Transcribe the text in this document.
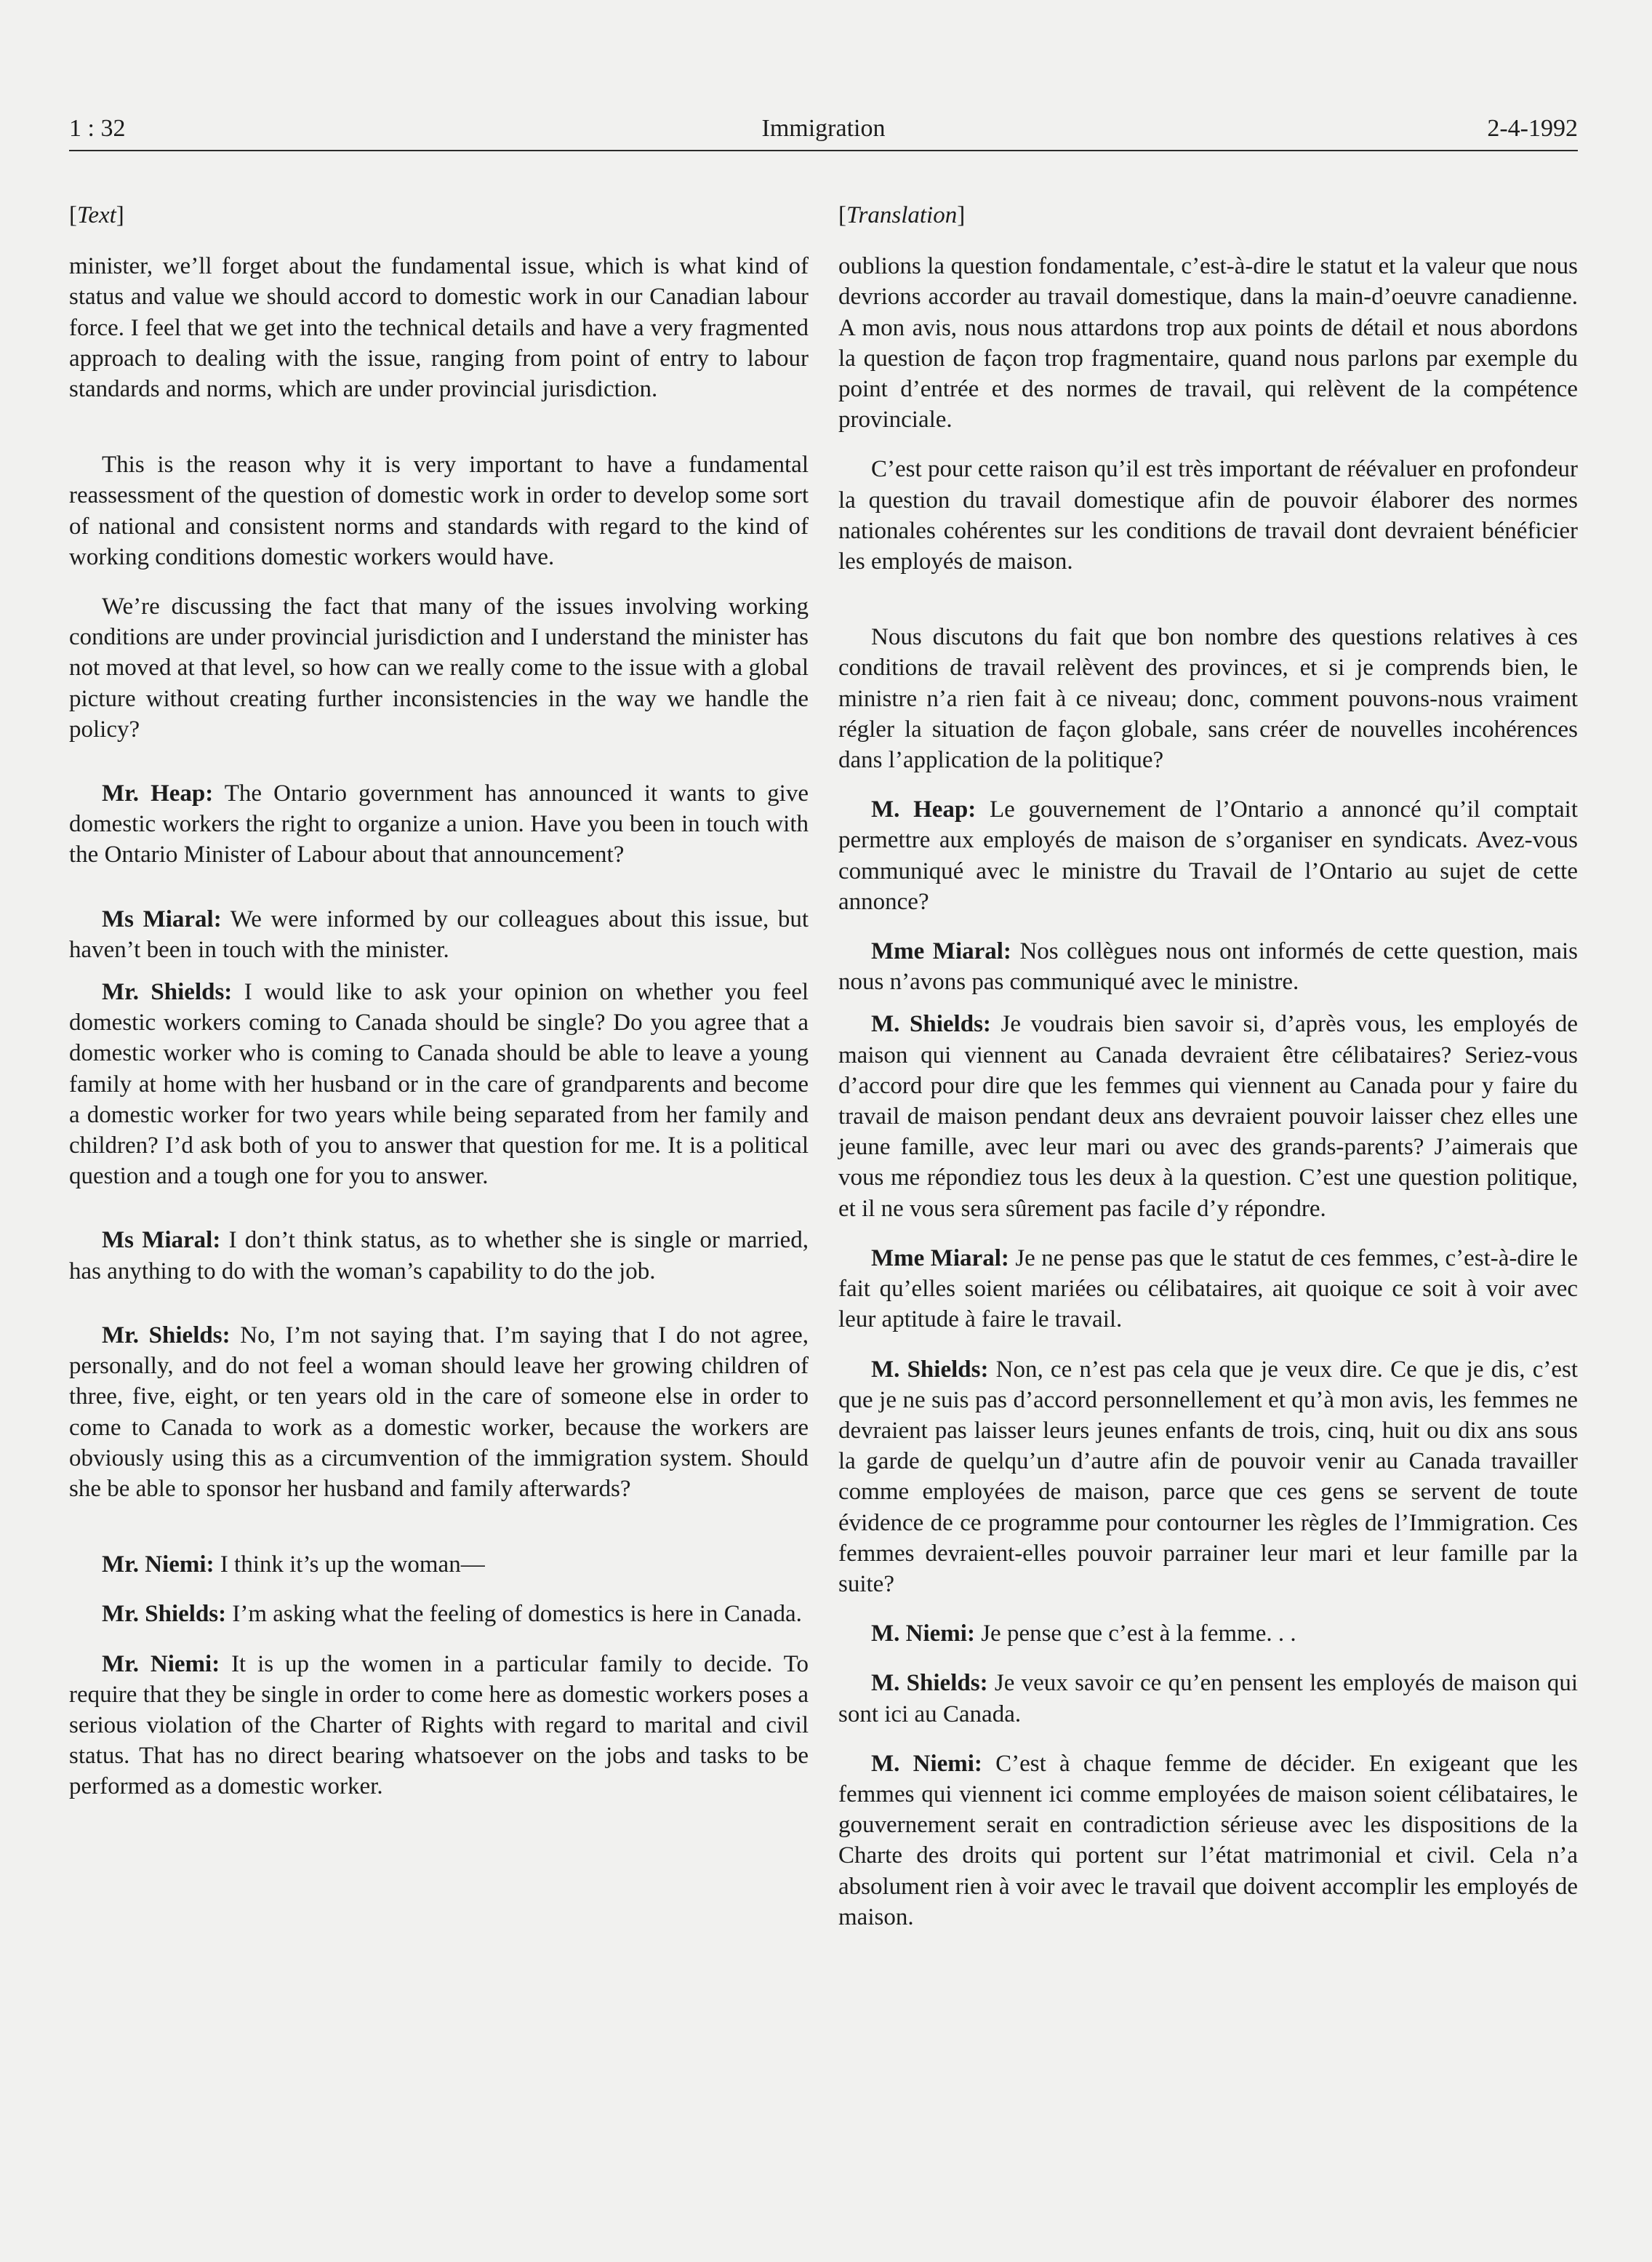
1 : 32	Immigration	2-4-1992
[Text]

minister, we’ll forget about the fundamental issue, which is what kind of status and value we should accord to domestic work in our Canadian labour force. I feel that we get into the technical details and have a very fragmented approach to dealing with the issue, ranging from point of entry to labour standards and norms, which are under provincial jurisdiction.

This is the reason why it is very important to have a fundamental reassessment of the question of domestic work in order to develop some sort of national and consistent norms and standards with regard to the kind of working conditions domestic workers would have.

We’re discussing the fact that many of the issues involving working conditions are under provincial jurisdiction and I understand the minister has not moved at that level, so how can we really come to the issue with a global picture without creating further inconsistencies in the way we handle the policy?

Mr. Heap: The Ontario government has announced it wants to give domestic workers the right to organize a union. Have you been in touch with the Ontario Minister of Labour about that announcement?

Ms Miaral: We were informed by our colleagues about this issue, but haven’t been in touch with the minister.

Mr. Shields: I would like to ask your opinion on whether you feel domestic workers coming to Canada should be single? Do you agree that a domestic worker who is coming to Canada should be able to leave a young family at home with her husband or in the care of grandparents and become a domestic worker for two years while being separated from her family and children? I’d ask both of you to answer that question for me. It is a political question and a tough one for you to answer.

Ms Miaral: I don’t think status, as to whether she is single or married, has anything to do with the woman’s capability to do the job.

Mr. Shields: No, I’m not saying that. I’m saying that I do not agree, personally, and do not feel a woman should leave her growing children of three, five, eight, or ten years old in the care of someone else in order to come to Canada to work as a domestic worker, because the workers are obviously using this as a circumvention of the immigration system. Should she be able to sponsor her husband and family afterwards?

Mr. Niemi: I think it’s up the woman—

Mr. Shields: I’m asking what the feeling of domestics is here in Canada.

Mr. Niemi: It is up the women in a particular family to decide. To require that they be single in order to come here as domestic workers poses a serious violation of the Charter of Rights with regard to marital and civil status. That has no direct bearing whatsoever on the jobs and tasks to be performed as a domestic worker.

[Translation]

oublions la question fondamentale, c’est-à-dire le statut et la valeur que nous devrions accorder au travail domestique, dans la main-d’oeuvre canadienne. A mon avis, nous nous attardons trop aux points de détail et nous abordons la question de façon trop fragmentaire, quand nous parlons par exemple du point d’entrée et des normes de travail, qui relèvent de la compétence provinciale.

C’est pour cette raison qu’il est très important de réévaluer en profondeur la question du travail domestique afin de pouvoir élaborer des normes nationales cohérentes sur les conditions de travail dont devraient bénéficier les employés de maison.

Nous discutons du fait que bon nombre des questions relatives à ces conditions de travail relèvent des provinces, et si je comprends bien, le ministre n’a rien fait à ce niveau; donc, comment pouvons-nous vraiment régler la situation de façon globale, sans créer de nouvelles incohérences dans l’application de la politique?

M. Heap: Le gouvernement de l’Ontario a annoncé qu’il comptait permettre aux employés de maison de s’organiser en syndicats. Avez-vous communiqué avec le ministre du Travail de l’Ontario au sujet de cette annonce?

Mme Miaral: Nos collègues nous ont informés de cette question, mais nous n’avons pas communiqué avec le ministre.

M. Shields: Je voudrais bien savoir si, d’après vous, les employés de maison qui viennent au Canada devraient être célibataires? Seriez-vous d’accord pour dire que les femmes qui viennent au Canada pour y faire du travail de maison pendant deux ans devraient pouvoir laisser chez elles une jeune famille, avec leur mari ou avec des grands-parents? J’aimerais que vous me répondiez tous les deux à la question. C’est une question politique, et il ne vous sera sûrement pas facile d’y répondre.

Mme Miaral: Je ne pense pas que le statut de ces femmes, c’est-à-dire le fait qu’elles soient mariées ou célibataires, ait quoique ce soit à voir avec leur aptitude à faire le travail.

M. Shields: Non, ce n’est pas cela que je veux dire. Ce que je dis, c’est que je ne suis pas d’accord personnellement et qu’à mon avis, les femmes ne devraient pas laisser leurs jeunes enfants de trois, cinq, huit ou dix ans sous la garde de quelqu’un d’autre afin de pouvoir venir au Canada travailler comme employées de maison, parce que ces gens se servent de toute évidence de ce programme pour contourner les règles de l’Immigration. Ces femmes devraient-elles pouvoir parrainer leur mari et leur famille par la suite?

M. Niemi: Je pense que c’est à la femme. . .

M. Shields: Je veux savoir ce qu’en pensent les employés de maison qui sont ici au Canada.

M. Niemi: C’est à chaque femme de décider. En exigeant que les femmes qui viennent ici comme employées de maison soient célibataires, le gouvernement serait en contradiction sérieuse avec les dispositions de la Charte des droits qui portent sur l’état matrimonial et civil. Cela n’a absolument rien à voir avec le travail que doivent accomplir les employés de maison.
